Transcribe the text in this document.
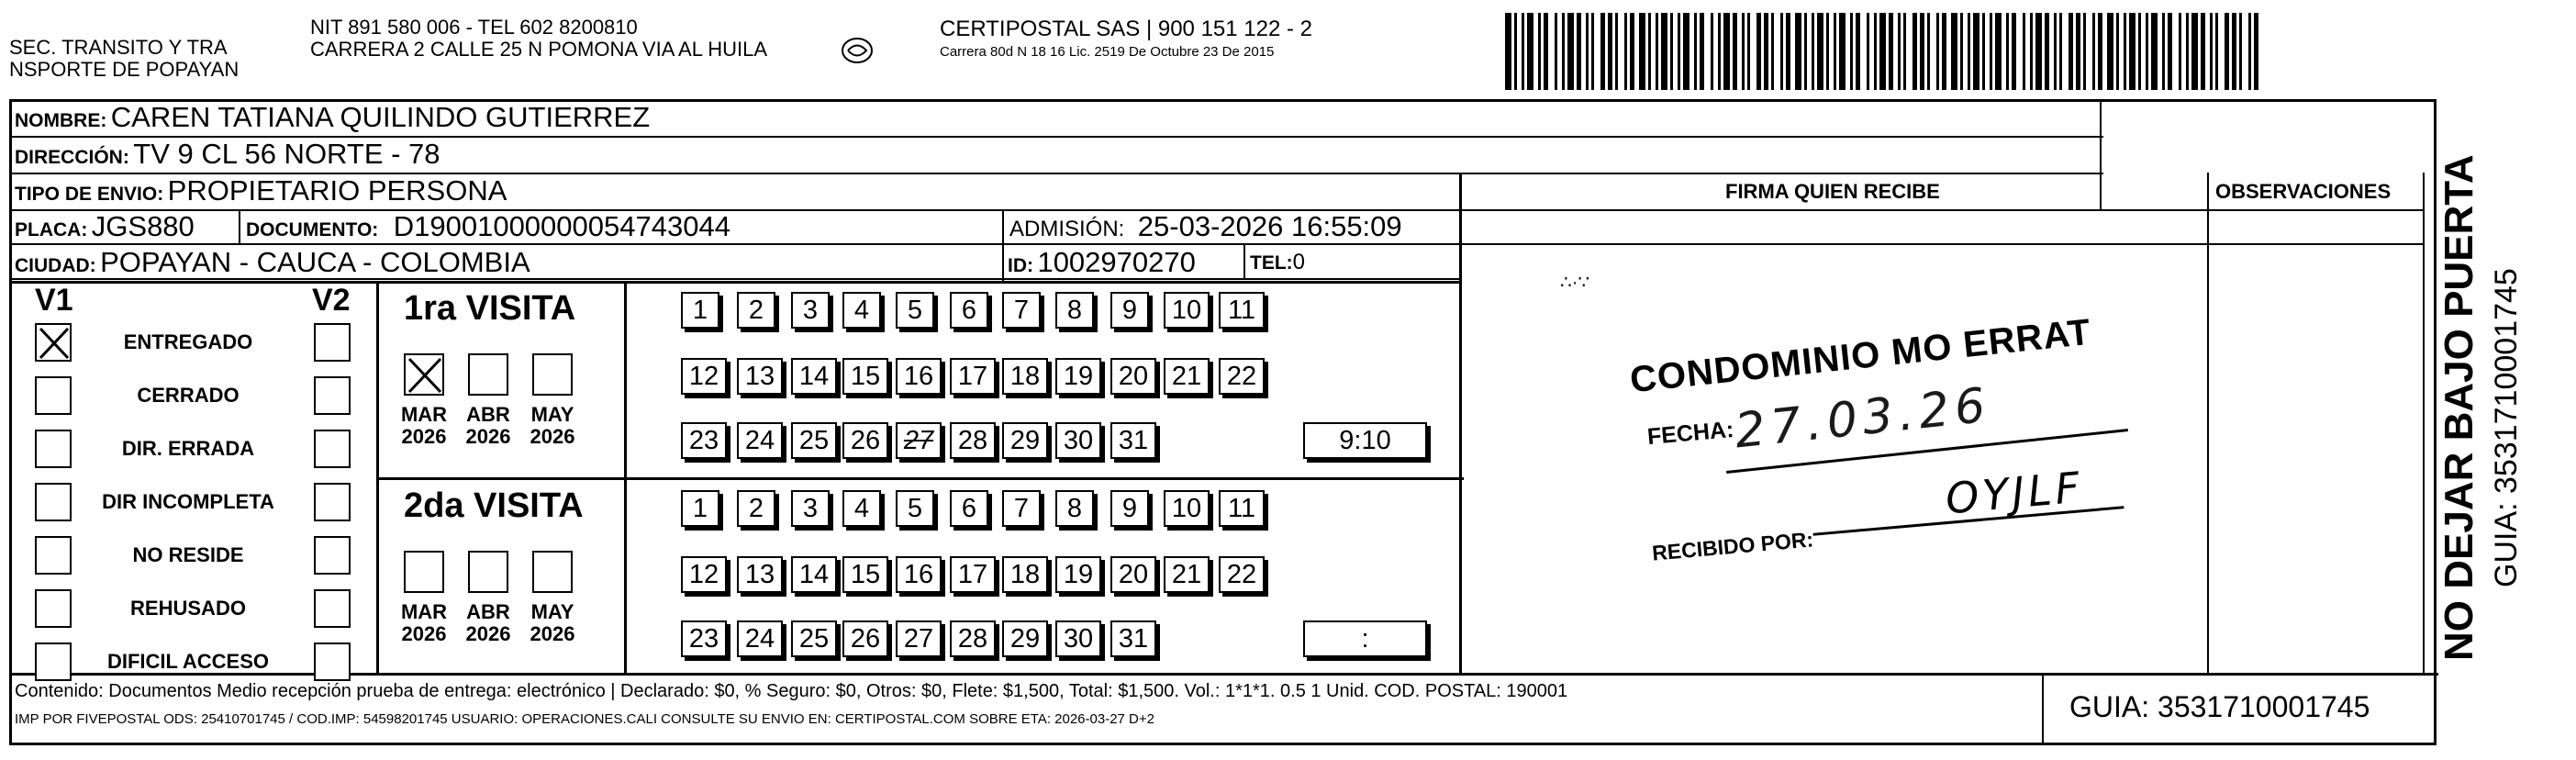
SEC. TRANSITO Y TRA
NSPORTE DE POPAYAN
NIT 891 580 006 - TEL 602 8200810
CARRERA 2 CALLE 25 N POMONA VIA AL HUILA
CERTIPOSTAL SAS | 900 151 122 - 2
Carrera 80d N 18 16 Lic. 2519 De Octubre 23 De 2015
NOMBRE: CAREN TATIANA QUILINDO GUTIERREZ
DIRECCIÓN: TV 9 CL 56 NORTE - 78
TIPO DE ENVIO: PROPIETARIO PERSONA
PLACA: JGS880	DOCUMENTO: D19001000000054743044	ADMISIÓN: 25-03-2026 16:55:09
CIUDAD: POPAYAN - CAUCA - COLOMBIA	ID: 1002970270	TEL:0
FIRMA QUIEN RECIBE	OBSERVACIONES
V1	V2
ENTREGADO
CERRADO
DIR. ERRADA
DIR INCOMPLETA
NO RESIDE
REHUSADO
DIFICIL ACCESO
1ra VISITA
2da VISITA
MAR
2026
ABR
2026
MAY
2026
MAR
2026
ABR
2026
MAY
2026
1	2	3	4	5	6	7	8	9	10 11
12 13 14 15 16 17 18 19 20 21 22
23 24 25 26 27 28 29 30 31	9:10
1	2	3	4	5	6	7	8	9	10 11
12 13 14 15 16 17 18 19 20 21 22
23 24 25 26 27 28 29 30 31	:
∴·∵
CONDOMINIO MO ERRAT
FECHA:
27.03.26
RECIBIDO POR:
OYJLF	NO DEJAR BAJO PUERTA GUIA: 3531710001745
Contenido: Documentos Medio recepción prueba de entrega: electrónico | Declarado: $0, % Seguro: $0, Otros: $0, Flete: $1,500, Total: $1,500. Vol.: 1*1*1. 0.5 1 Unid. COD. POSTAL: 190001
IMP POR FIVEPOSTAL ODS: 25410701745 / COD.IMP: 54598201745 USUARIO: OPERACIONES.CALI CONSULTE SU ENVIO EN: CERTIPOSTAL.COM SOBRE ETA: 2026-03-27 D+2	GUIA: 3531710001745
